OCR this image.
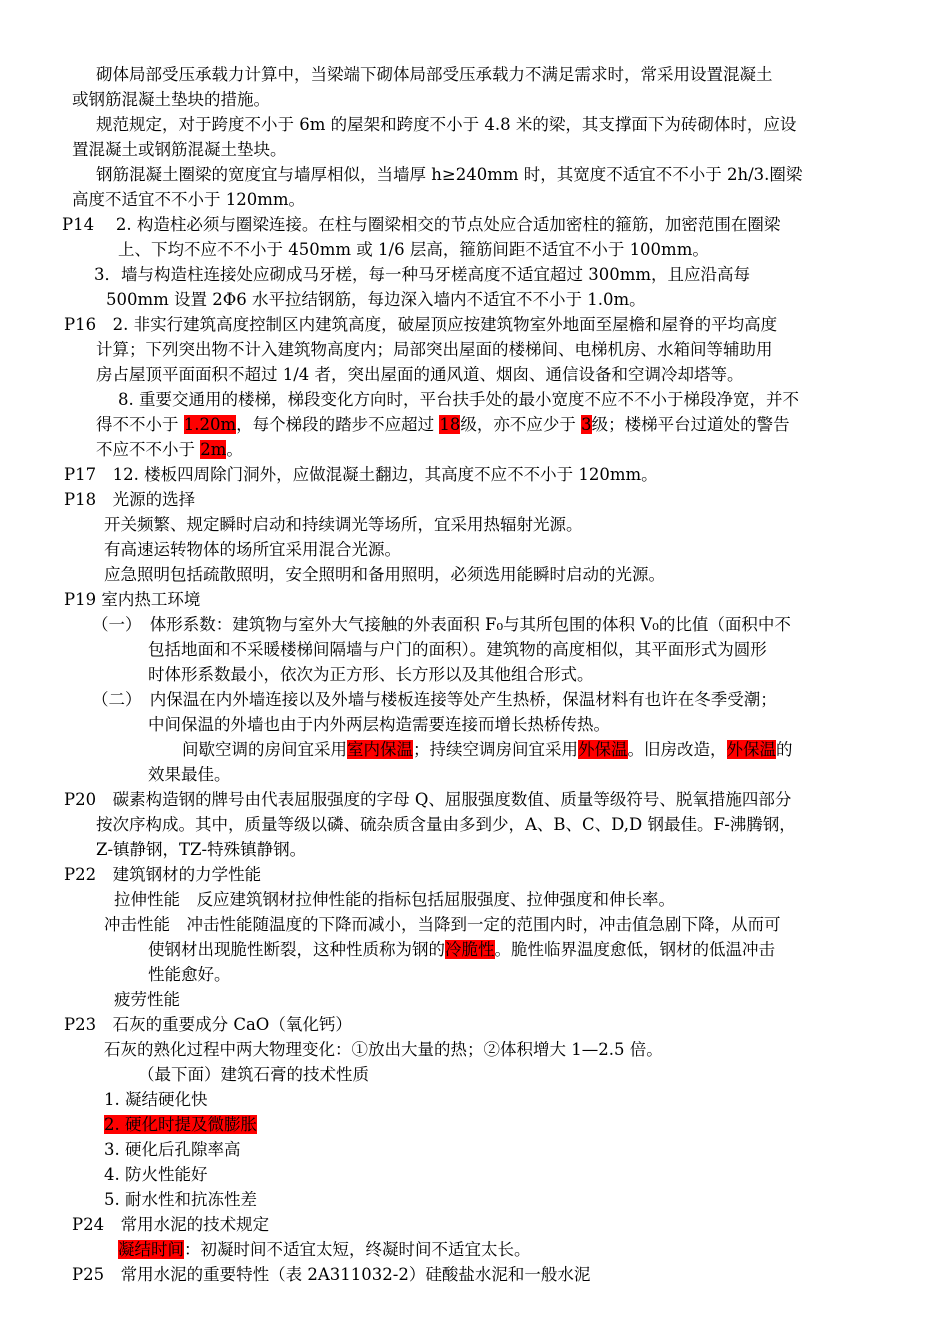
砌体局部受压承载力计算中，当梁端下砌体局部受压承载力不满足需求时，常采用设置混凝土
或钢筋混凝土垫块的措施。
规范规定，对于跨度不小于 6m 的屋架和跨度不小于 4.8 米的梁，其支撑面下为砖砌体时，应设
置混凝土或钢筋混凝土垫块。
钢筋混凝土圈梁的宽度宜与墙厚相似，当墙厚 h≥240mm 时，其宽度不适宜不不小于 2h/3.圈梁
高度不适宜不不小于 120mm。
P14　 2. 构造柱必须与圈梁连接。在柱与圈梁相交的节点处应合适加密柱的箍筋，加密范围在圈梁
上、下均不应不不小于 450mm 或 1/6 层高，箍筋间距不适宜不小于 100mm。
3．墙与构造柱连接处应砌成马牙槎，每一种马牙槎高度不适宜超过 300mm，且应沿高每
500mm 设置 2Φ6 水平拉结钢筋，每边深入墙内不适宜不不小于 1.0m。
P16　2. 非实行建筑高度控制区内建筑高度，破屋顶应按建筑物室外地面至屋檐和屋脊的平均高度
计算；下列突出物不计入建筑物高度内；局部突出屋面的楼梯间、电梯机房、水箱间等辅助用
房占屋顶平面面积不超过 1/4 者，突出屋面的通风道、烟囱、通信设备和空调冷却塔等。
8. 重要交通用的楼梯，梯段变化方向时，平台扶手处的最小宽度不应不不小于梯段净宽，并不
得不不小于 1.20m，每个梯段的踏步不应超过 18级，亦不应少于 3级；楼梯平台过道处的警告
不应不不小于 2m。
P17　12. 楼板四周除门洞外，应做混凝土翻边，其高度不应不不小于 120mm。
P18　光源的选择
开关频繁、规定瞬时启动和持续调光等场所，宜采用热辐射光源。
有高速运转物体的场所宜采用混合光源。
应急照明包括疏散照明，安全照明和备用照明，必须选用能瞬时启动的光源。
P19 室内热工环境
（一）　体形系数：建筑物与室外大气接触的外表面积 F₀与其所包围的体积 V₀的比值（面积中不
包括地面和不采暖楼梯间隔墙与户门的面积）。建筑物的高度相似，其平面形式为圆形
时体形系数最小，依次为正方形、长方形以及其他组合形式。
（二）　内保温在内外墙连接以及外墙与楼板连接等处产生热桥，保温材料有也许在冬季受潮；
中间保温的外墙也由于内外两层构造需要连接而增长热桥传热。
间歇空调的房间宜采用室内保温；持续空调房间宜采用外保温。旧房改造，外保温的
效果最佳。
P20　碳素构造钢的牌号由代表屈服强度的字母 Q、屈服强度数值、质量等级符号、脱氧措施四部分
按次序构成。其中，质量等级以磷、硫杂质含量由多到少，A、B、C、D,D 钢最佳。F-沸腾钢，
Z-镇静钢，TZ-特殊镇静钢。
P22　建筑钢材的力学性能
拉伸性能　反应建筑钢材拉伸性能的指标包括屈服强度、拉伸强度和伸长率。
冲击性能　冲击性能随温度的下降而减小，当降到一定的范围内时，冲击值急剧下降，从而可
使钢材出现脆性断裂，这种性质称为钢的冷脆性。脆性临界温度愈低，钢材的低温冲击
性能愈好。
疲劳性能
P23　石灰的重要成分 CaO（氧化钙）
石灰的熟化过程中两大物理变化：①放出大量的热；②体积增大 1—2.5 倍。
（最下面）建筑石膏的技术性质
1. 凝结硬化快
2. 硬化时提及微膨胀
3. 硬化后孔隙率高
4. 防火性能好
5. 耐水性和抗冻性差
P24　常用水泥的技术规定
凝结时间：初凝时间不适宜太短，终凝时间不适宜太长。
P25　常用水泥的重要特性（表 2A311032-2）硅酸盐水泥和一般水泥
